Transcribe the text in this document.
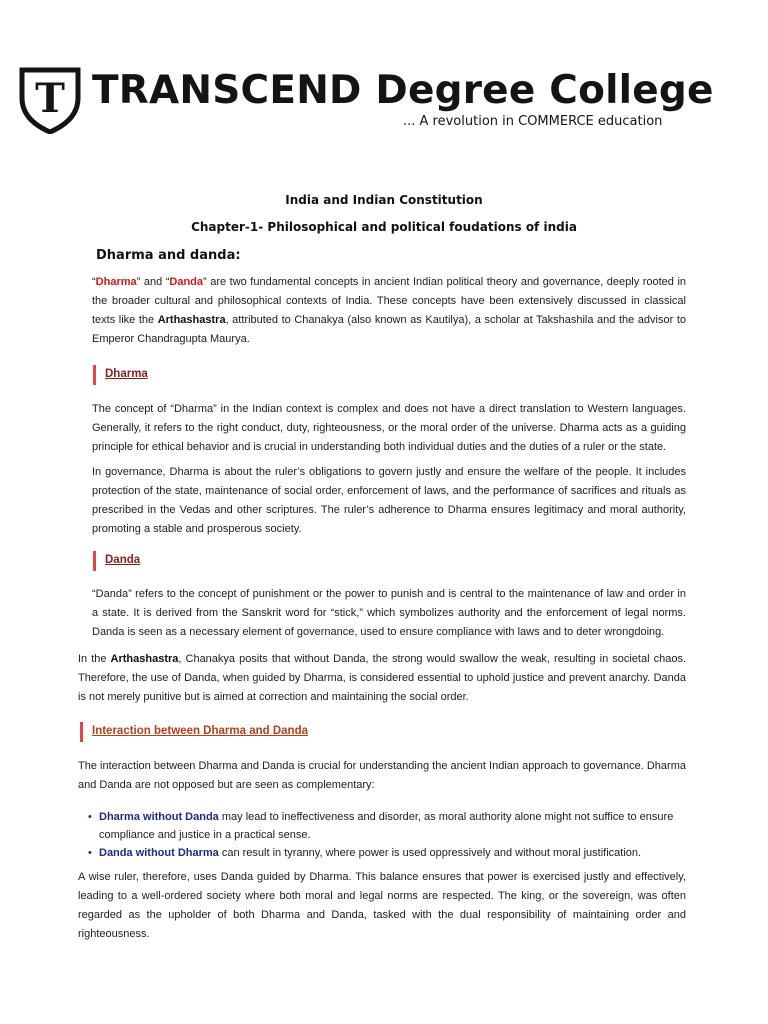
T TRANSCEND Degree College
... A revolution in COMMERCE education
India and Indian Constitution
Chapter-1- Philosophical and political foudations of india
Dharma and danda:

“Dharma” and “Danda” are two fundamental concepts in ancient Indian political theory and governance, deeply rooted in the broader cultural and philosophical contexts of India. These concepts have been extensively discussed in classical texts like the Arthashastra, attributed to Chanakya (also known as Kautilya), a scholar at Takshashila and the advisor to Emperor Chandragupta Maurya.

Dharma

The concept of “Dharma” in the Indian context is complex and does not have a direct translation to Western languages. Generally, it refers to the right conduct, duty, righteousness, or the moral order of the universe. Dharma acts as a guiding principle for ethical behavior and is crucial in understanding both individual duties and the duties of a ruler or the state.

In governance, Dharma is about the ruler’s obligations to govern justly and ensure the welfare of the people. It includes protection of the state, maintenance of social order, enforcement of laws, and the performance of sacrifices and rituals as prescribed in the Vedas and other scriptures. The ruler’s adherence to Dharma ensures legitimacy and moral authority, promoting a stable and prosperous society.

Danda

“Danda” refers to the concept of punishment or the power to punish and is central to the maintenance of law and order in a state. It is derived from the Sanskrit word for “stick,” which symbolizes authority and the enforcement of legal norms. Danda is seen as a necessary element of governance, used to ensure compliance with laws and to deter wrongdoing.

In the Arthashastra, Chanakya posits that without Danda, the strong would swallow the weak, resulting in societal chaos. Therefore, the use of Danda, when guided by Dharma, is considered essential to uphold justice and prevent anarchy. Danda is not merely punitive but is aimed at correction and maintaining the social order.

Interaction between Dharma and Danda

The interaction between Dharma and Danda is crucial for understanding the ancient Indian approach to governance. Dharma and Danda are not opposed but are seen as complementary:

• Dharma without Danda may lead to ineffectiveness and disorder, as moral authority alone might not suffice to ensure compliance and justice in a practical sense.
• Danda without Dharma can result in tyranny, where power is used oppressively and without moral justification.

A wise ruler, therefore, uses Danda guided by Dharma. This balance ensures that power is exercised justly and effectively, leading to a well-ordered society where both moral and legal norms are respected. The king, or the sovereign, was often regarded as the upholder of both Dharma and Danda, tasked with the dual responsibility of maintaining order and righteousness.
